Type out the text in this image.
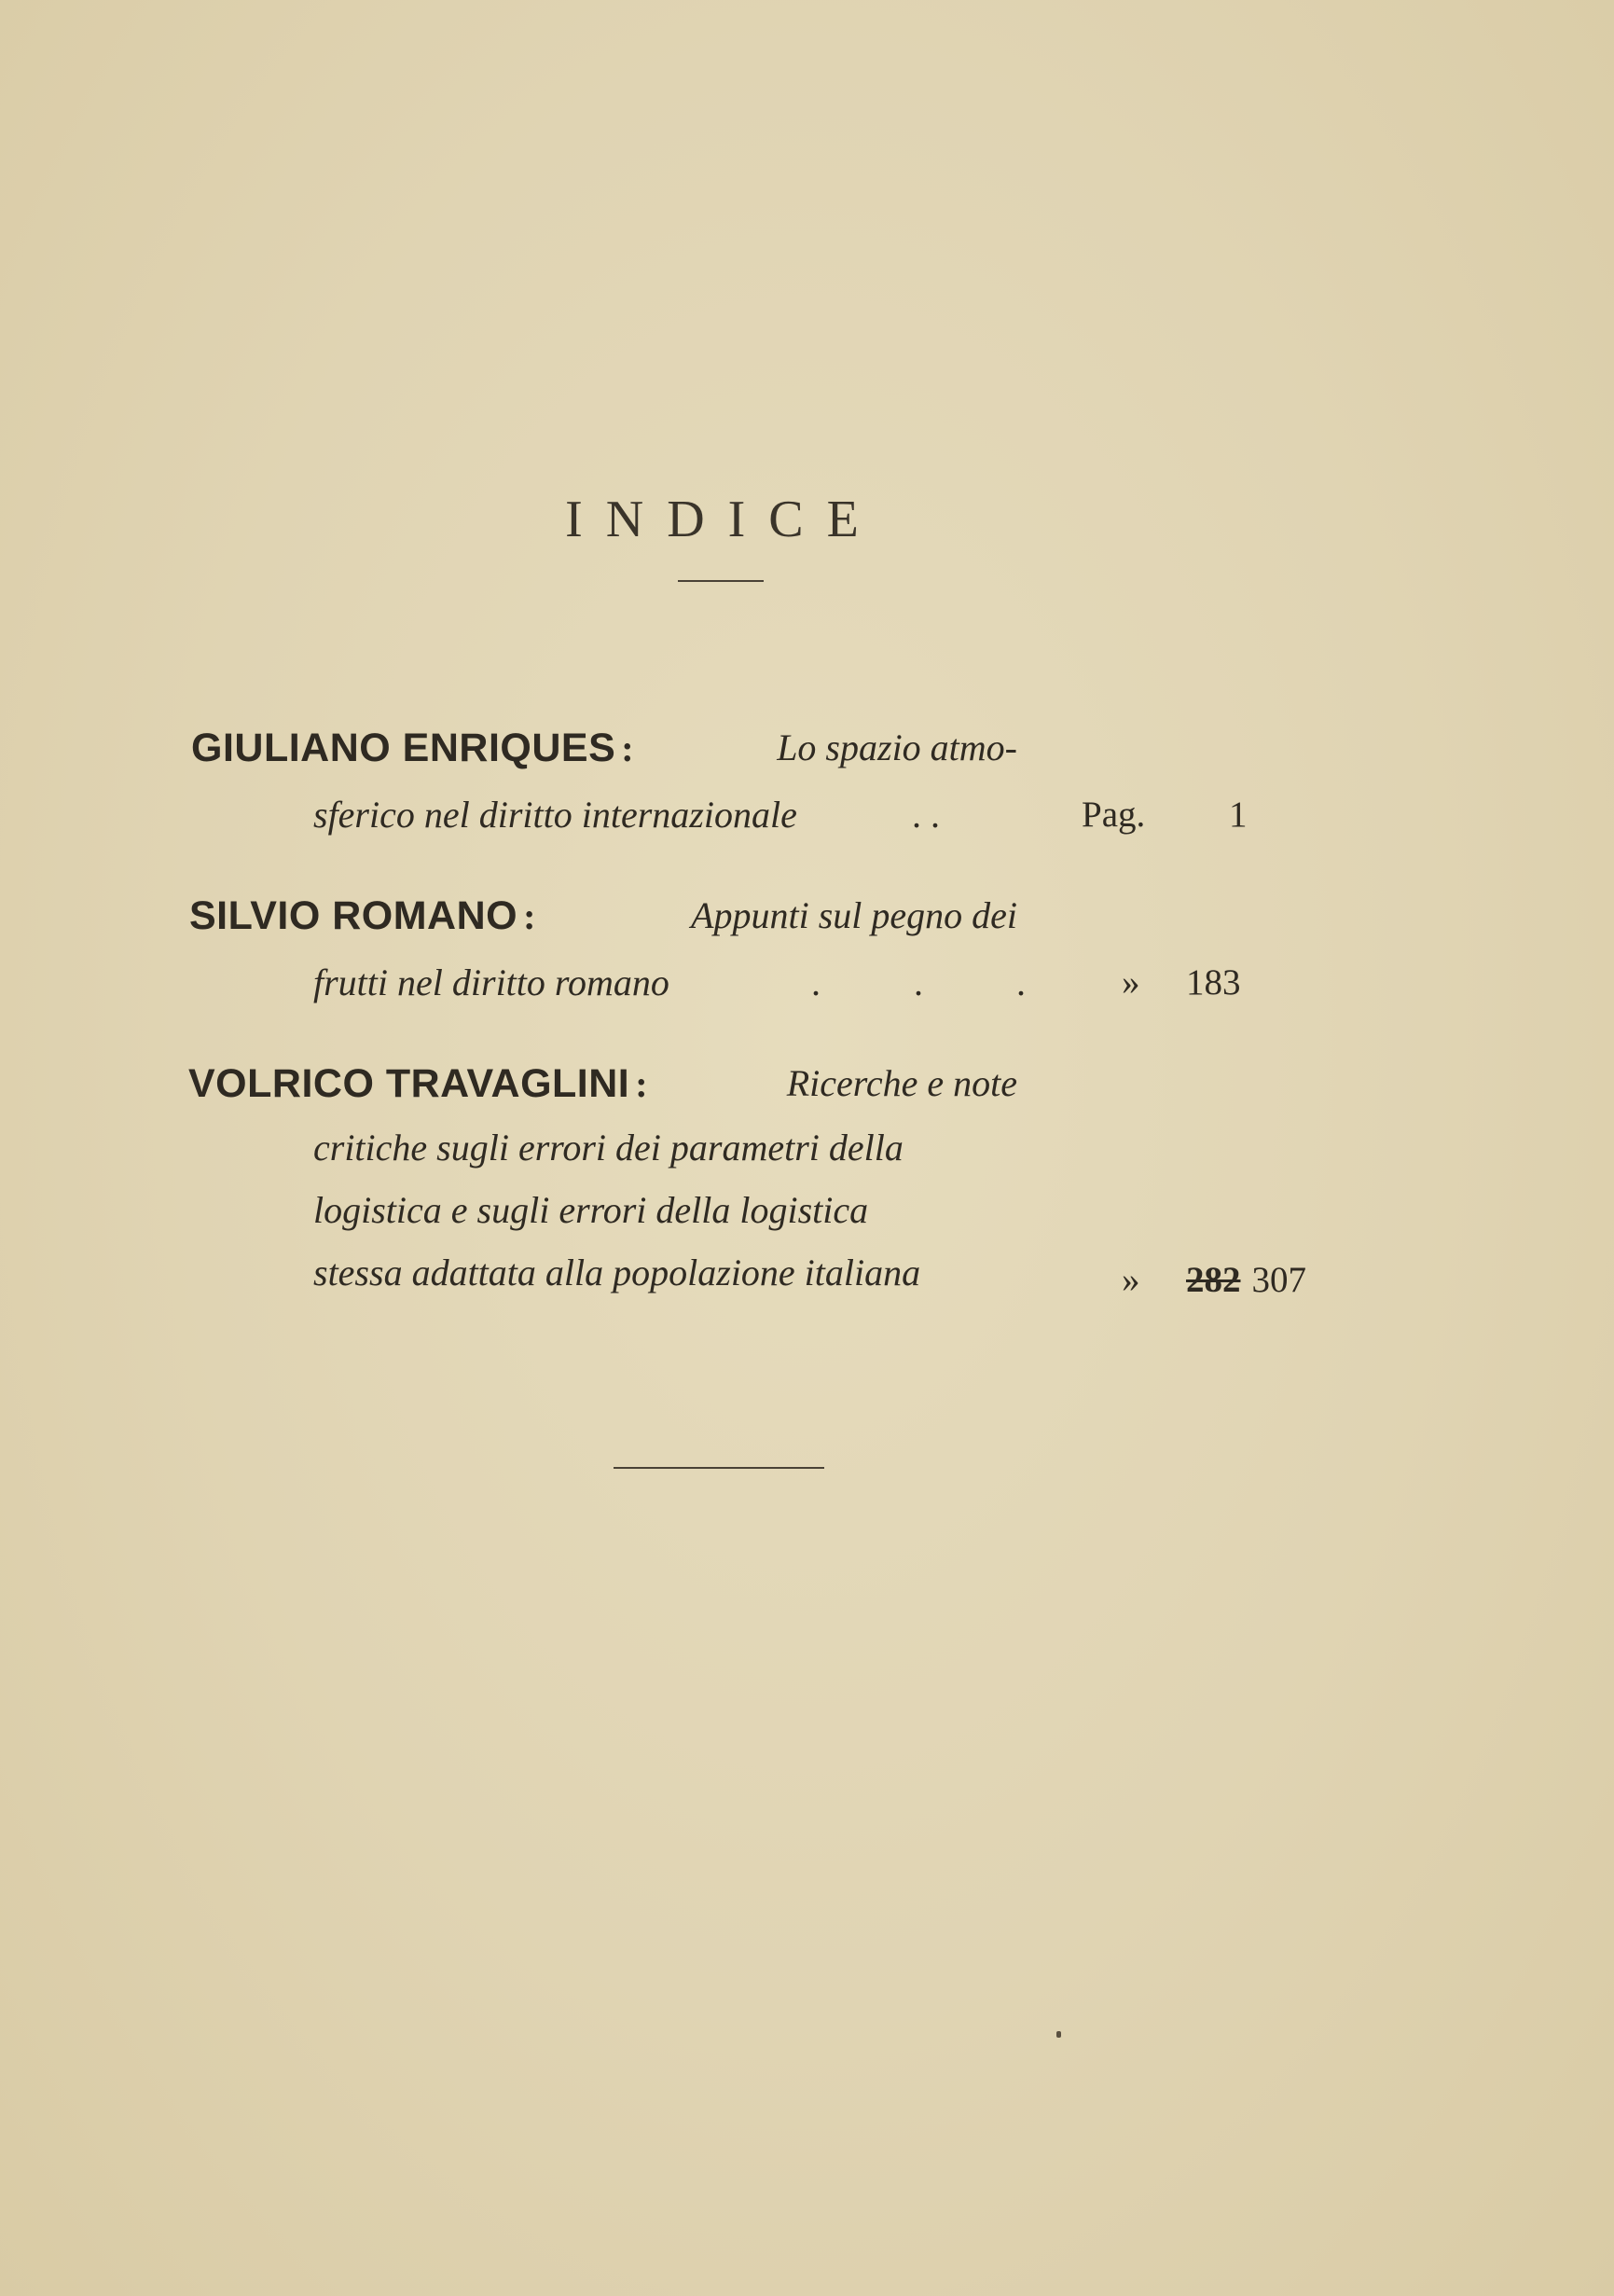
INDICE
GIULIANO ENRIQUES :	Lo spazio atmo-
sferico nel diritto internazionale	. .	Pag. 1
SILVIO ROMANO :	Appunti sul pegno dei
frutti nel diritto romano	.          .          .	» 183
VOLRICO TRAVAGLINI :	Ricerche e note
critiche sugli errori dei parametri della
logistica e sugli errori della logistica
stessa adattata alla popolazione italiana	» 282 307
